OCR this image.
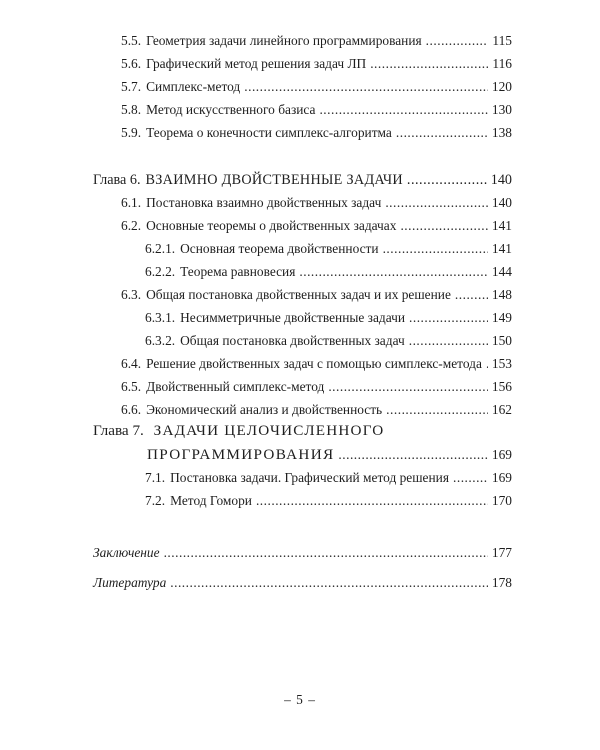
5.5. Геометрия задачи линейного программирования .....	115
5.6. Графический метод решения задач ЛП .....	116
5.7. Симплекс-метод .....	120
5.8. Метод искусственного базиса .....	130
5.9. Теорема о конечности симплекс-алгоритма .....	138
Глава 6. ВЗАИМНО ДВОЙСТВЕННЫЕ ЗАДАЧИ .....	140
6.1. Постановка взаимно двойственных задач .....	140
6.2. Основные теоремы о двойственных задачах .....	141
6.2.1. Основная теорема двойственности .....	141
6.2.2. Теорема равновесия .....	144
6.3. Общая постановка двойственных задач и их решение .....	148
6.3.1. Несимметричные двойственные задачи .....	149
6.3.2. Общая постановка двойственных задач .....	150
6.4. Решение двойственных задач с помощью симплекс-метода ..... 153
6.5. Двойственный симплекс-метод .....	156
6.6. Экономический анализ и двойственность .....	162
Глава 7. ЗАДАЧИ ЦЕЛОЧИСЛЕННОГО
ПРОГРАММИРОВАНИЯ .....	169
7.1. Постановка задачи. Графический метод решения .....	169
7.2. Метод Гомори .....	170
Заключение .....	177
Литература .....	178
– 5 –
